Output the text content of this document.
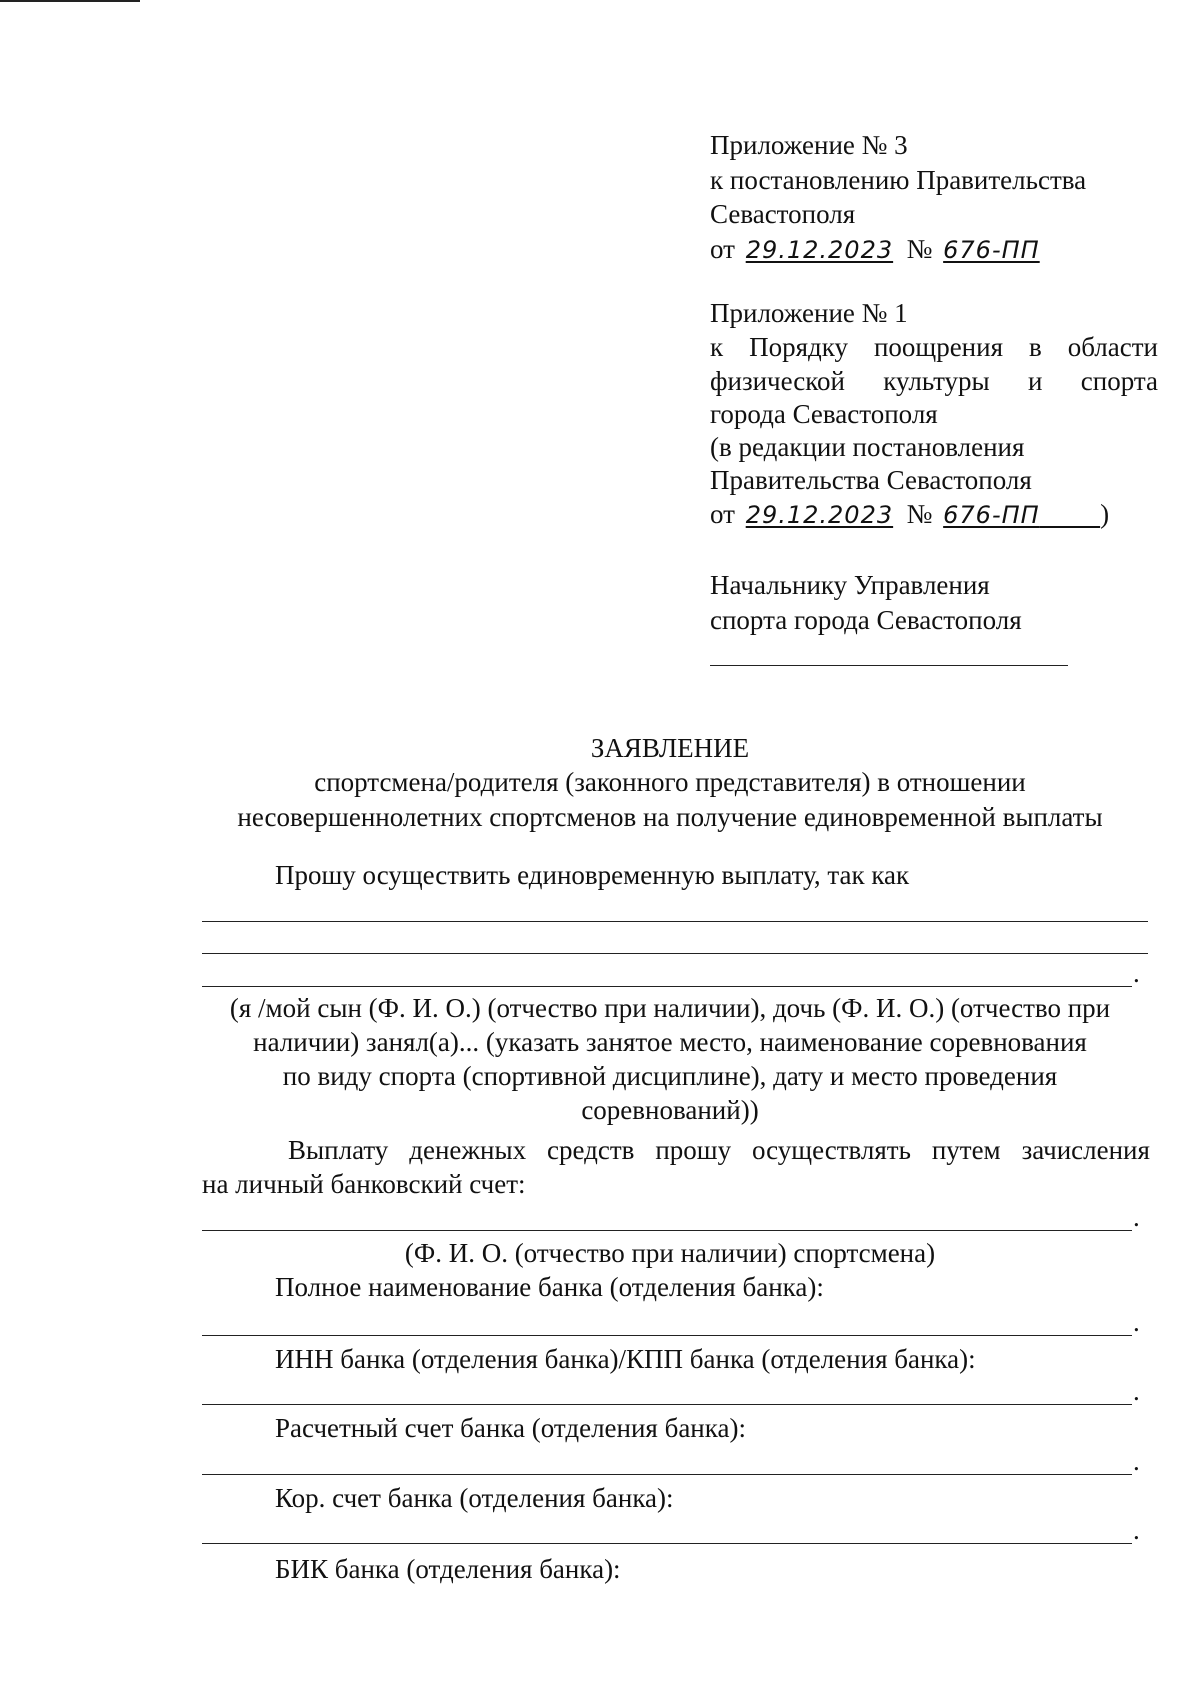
Приложение № 3
к постановлению Правительства
Севастополя
от 29.12.2023 № 676-ПП
Приложение № 1
к Порядку поощрения в области
физической культуры и спорта
города Севастополя
(в редакции постановления
Правительства Севастополя
от 29.12.2023 № 676-ПП )
Начальнику Управления
спорта города Севастополя
ЗАЯВЛЕНИЕ
спортсмена/родителя (законного представителя) в отношении
несовершеннолетних спортсменов на получение единовременной выплаты
Прошу осуществить единовременную выплату, так как
.
(я /мой сын (Ф. И. О.) (отчество при наличии), дочь (Ф. И. О.) (отчество при
наличии) занял(а)... (указать занятое место, наименование соревнования
по виду спорта (спортивной дисциплине), дату и место проведения
соревнований))
Выплату денежных средств прошу осуществлять путем зачисления
на личный банковский счет:
.
(Ф. И. О. (отчество при наличии) спортсмена)
Полное наименование банка (отделения банка):
.
ИНН банка (отделения банка)/КПП банка (отделения банка):
.
Расчетный счет банка (отделения банка):
.
Кор. счет банка (отделения банка):
.
БИК банка (отделения банка):
